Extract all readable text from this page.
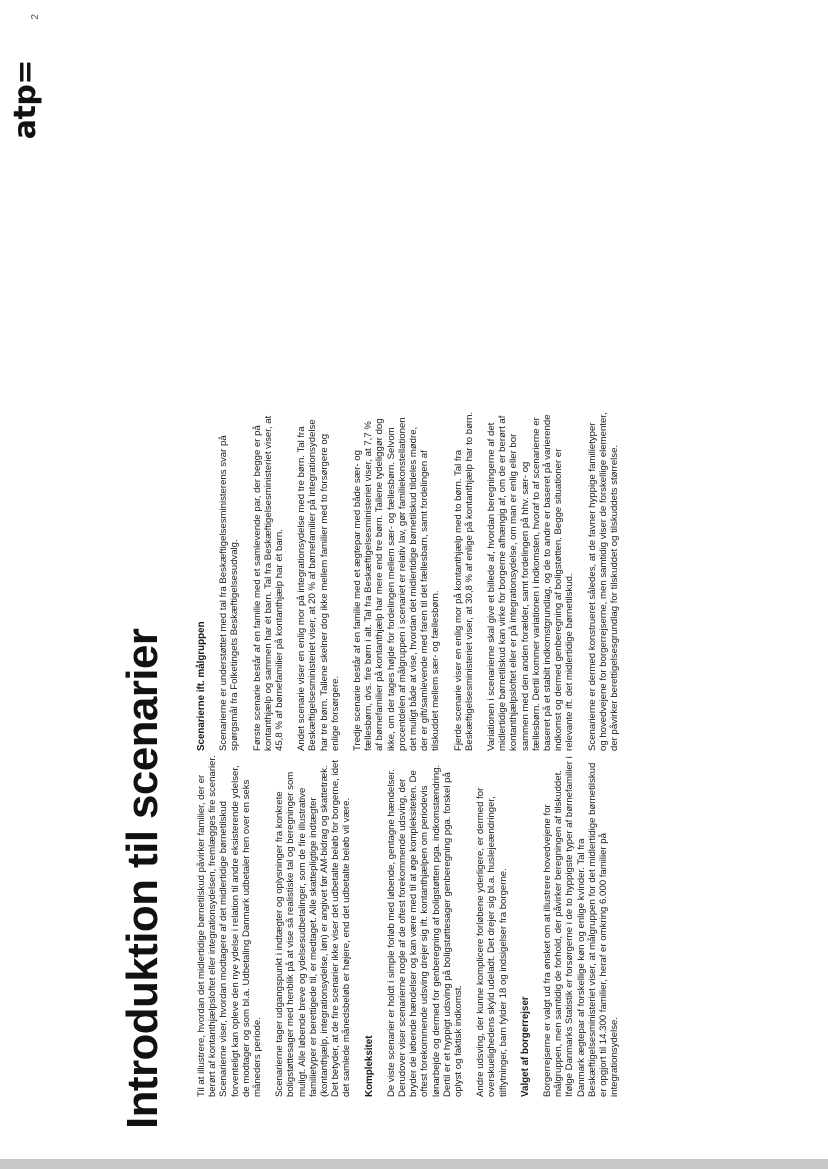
atp=
2
Introduktion til scenarier	Til at illustrere, hvordan det midlertidige børnetilskud påvirker familier, der er berørt af kontanthjælpsloftet eller integrationsydelsen, fremlægges fire scenarier. Scenarierne viser, hvordan modtagere af det midlertidige børnetilskud forventeligt kan opleve den nye ydelse i relation til andre eksisterende ydelser, de modtager og som bl.a. Udbetaling Danmark udbetaler hen over en seks måneders periode. Scenarierne tager udgangspunkt i indtægter og oplysninger fra konkrete boligstøttesager med henblik på at vise så realistiske tal og beregninger som muligt. Alle løbende breve og ydelsesudbetalinger, som de fire illustrative familietyper er berettigede til, er medtaget. Alle skattepligtige indtægter (kontanthjælp, integrationsydelse, løn) er angivet før AM-bidrag og skattetræk. Det betyder, at de fire scenarier ikke viser det udbetalte beløb for borgerne, idet det samlede månedsbeløb er højere, end det udbetalte beløb vil være. Kompleksitet De viste scenarier er holdt i simple forløb med løbende, gentagne hændelser. Derudover viser scenarierne nogle af de oftest forekommende udsving, der bryder de løbende hændelser og kan være med til at øge kompleksiteten. De oftest forekommende udsving drejer sig ift. kontanthjælpen om periodevis lønarbejde og dermed for genberegning af boligstøtten pga. indkomstændring. Dertil er et hyppigt udsving på boligstøttesager genberegning pga. forskel på oplyst og faktisk indkomst. Andre udsving, der kunne komplicere forløbene yderligere, er dermed for overskuelighedens skyld udeladt. Det drejer sig bl.a. huslejeændringer, tilflytninger, barn fylder 18 og indsigelser fra borgerne. Valget af borgerrejser Borgerrejserne er valgt ud fra ønsket om at illustrere hovedvejene for målgruppen, men samtidig de forhold, der påvirker beregningen af tilskuddet. Ifølge Danmarks Statistik er forsørgerne i de to hyppigste typer af børnefamilier i Danmark ægtepar af forskellige køn og enlige kvinder. Tal fra Beskæftigelsesministeriet viser, at målgruppen for det midlertidige børnetilskud er opgjort til 14.300 familier, heraf er omkring 6.000 familier på integrationsydelse.

Scenarierne ift. målgruppen Scenarierne er understøttet med tal fra Beskæftigelsesministerens svar på spørgsmål fra Folketingets Beskæftigelsesudvalg. Første scenarie består af en familie med et samlevende par, der begge er på kontanthjælp og sammen har ét barn. Tal fra Beskæftigelsesministeriet viser, at 45,8 % af børnefamilier på kontanthjælp har ét barn. Andet scenarie viser en enlig mor på integrationsydelse med tre børn. Tal fra Beskæftigelsesministeriet viser, at 20 % af børnefamilier på integrationsydelse har tre børn. Tallene skelner dog ikke mellem familier med to forsørgere og enlige forsørgere. Tredje scenarie består af en familie med et ægtepar med både sær- og fællesbørn, dvs. fire børn i alt. Tal fra Beskæftigelsesministeriet viser, at 7,7 % af børnefamilier på kontanthjælp har mere end tre børn. Tallene tydeliggør dog ikke, om der tages højde for fordelingen mellem sær- og fællesbørn. Selvom procentdelen af målgruppen i scenariet er relativ lav, gør familiekonstellationen det muligt både at vise, hvordan det midlertidige børnetilskud tildeles mødre, der er gift/samlevende med faren til det fællesbarn, samt fordelingen af tilskuddet mellem sær- og fællesbørn. Fjerde scenarie viser en enlig mor på kontanthjælp med to børn. Tal fra Beskæftigelsesministeriet viser, at 30,8 % af enlige på kontanthjælp har to børn. Variationen i scenarierne skal give et billede af, hvordan beregningerne af det midlertidige børnetilskud kan virke for borgerne afhængig af, om de er berørt af kontanthjælpsloftet eller er på integrationsydelse, om man er enlig eller bor sammen med den anden forælder, samt fordelingen på hhv. sær- og fællesbørn. Dertil kommer variationen i indkomsten, hvoraf to af scenarierne er baseret på et stabilt indkomstgrundlag, og de to andre er baseret på varierende indkomst og dermed genberegning af boligstøtten. Begge situationer er relevante ift. det midlertidige børnetilskud. Scenarierne er dermed konstrueret således, at de favner hyppige familietyper og hovedvejene for borgerrejserne, men samtidig viser de forskellige elementer, der påvirker berettigelsesgrundlag for tilskuddet og tilskuddets størrelse.
